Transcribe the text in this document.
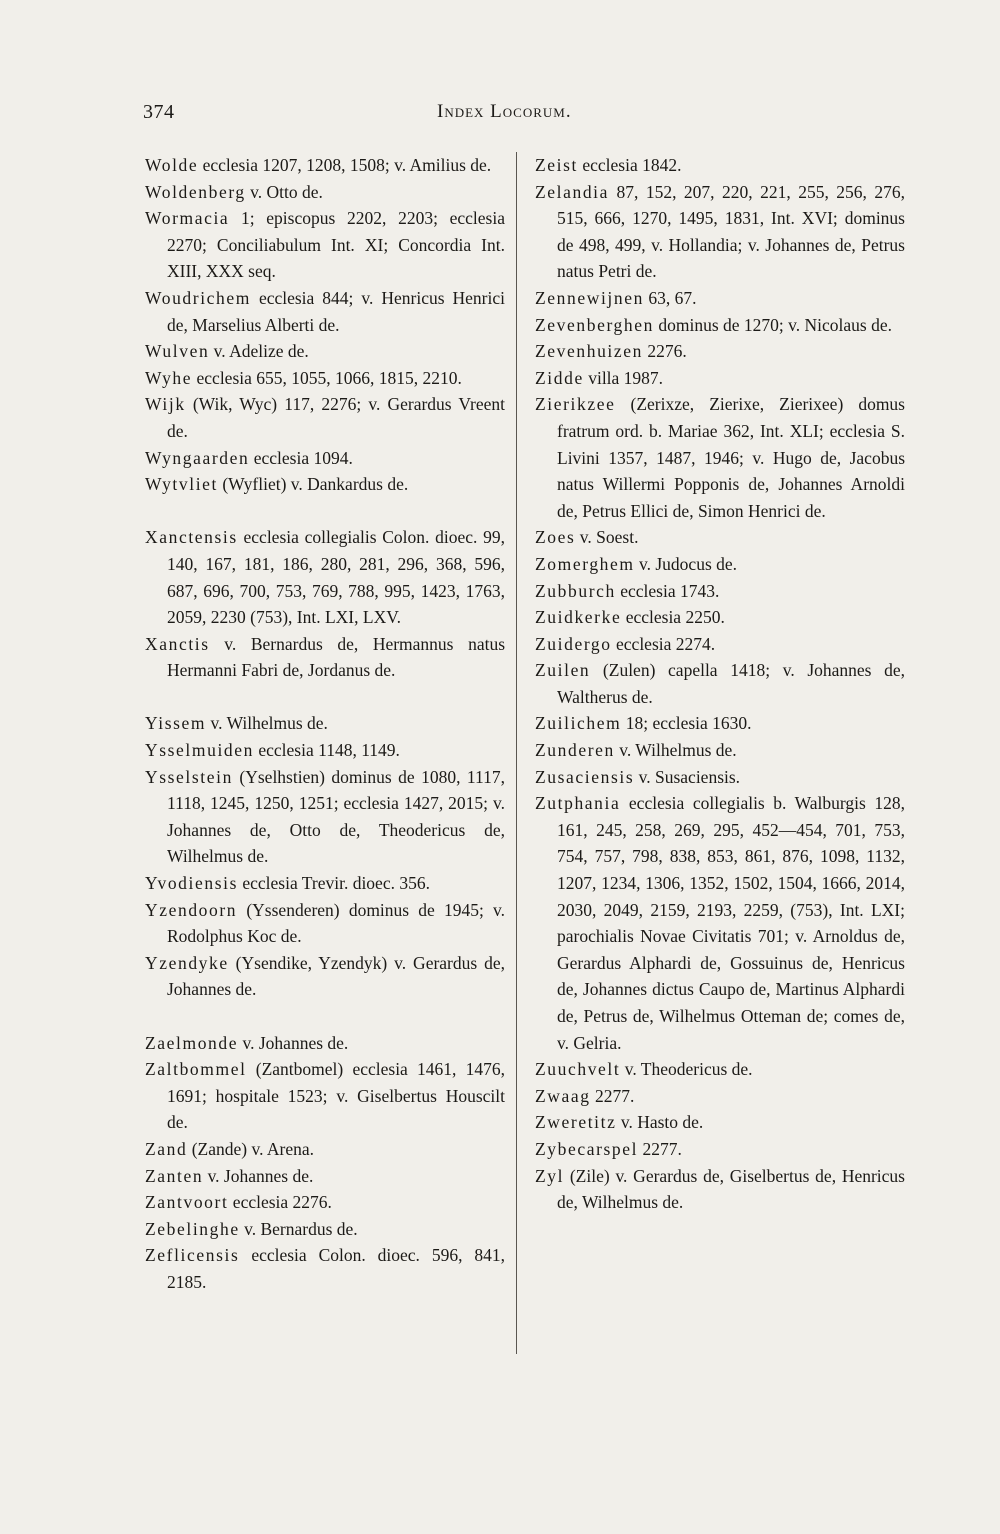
374	Index Locorum.

Wolde ecclesia 1207, 1208, 1508; v. Amilius de.

Woldenberg v. Otto de.

Wormacia 1; episcopus 2202, 2203; ecclesia 2270; Conciliabulum Int. XI; Concordia Int. XIII, XXX seq.

Woudrichem ecclesia 844; v. Henricus Henrici de, Marselius Alberti de.

Wulven v. Adelize de.

Wyhe ecclesia 655, 1055, 1066, 1815, 2210.

Wijk (Wik, Wyc) 117, 2276; v. Gerardus Vreent de.

Wyngaarden ecclesia 1094.

Wytvliet (Wyfliet) v. Dankardus de.

Xanctensis ecclesia collegialis Colon. dioec. 99, 140, 167, 181, 186, 280, 281, 296, 368, 596, 687, 696, 700, 753, 769, 788, 995, 1423, 1763, 2059, 2230 (753), Int. LXI, LXV.

Xanctis v. Bernardus de, Hermannus natus Hermanni Fabri de, Jordanus de.

Yissem v. Wilhelmus de.

Ysselmuiden ecclesia 1148, 1149.

Ysselstein (Yselhstien) dominus de 1080, 1117, 1118, 1245, 1250, 1251; ecclesia 1427, 2015; v. Johannes de, Otto de, Theodericus de, Wilhelmus de.

Yvodiensis ecclesia Trevir. dioec. 356.

Yzendoorn (Yssenderen) dominus de 1945; v. Rodolphus Koc de.

Yzendyke (Ysendike, Yzendyk) v. Gerardus de, Johannes de.

Zaelmonde v. Johannes de.

Zaltbommel (Zantbomel) ecclesia 1461, 1476, 1691; hospitale 1523; v. Giselbertus Houscilt de.

Zand (Zande) v. Arena.

Zanten v. Johannes de.

Zantvoort ecclesia 2276.

Zebelinghe v. Bernardus de.

Zeflicensis ecclesia Colon. dioec. 596, 841, 2185.

Zeist ecclesia 1842.

Zelandia 87, 152, 207, 220, 221, 255, 256, 276, 515, 666, 1270, 1495, 1831, Int. XVI; dominus de 498, 499, v. Hollandia; v. Johannes de, Petrus natus Petri de.

Zennewijnen 63, 67.

Zevenberghen dominus de 1270; v. Nicolaus de.

Zevenhuizen 2276.

Zidde villa 1987.

Zierikzee (Zerixze, Zierixe, Zierixee) domus fratrum ord. b. Mariae 362, Int. XLI; ecclesia S. Livini 1357, 1487, 1946; v. Hugo de, Jacobus natus Willermi Popponis de, Johannes Arnoldi de, Petrus Ellici de, Simon Henrici de.

Zoes v. Soest.

Zomerghem v. Judocus de.

Zubburch ecclesia 1743.

Zuidkerke ecclesia 2250.

Zuidergo ecclesia 2274.

Zuilen (Zulen) capella 1418; v. Johannes de, Waltherus de.

Zuilichem 18; ecclesia 1630.

Zunderen v. Wilhelmus de.

Zusaciensis v. Susaciensis.

Zutphania ecclesia collegialis b. Walburgis 128, 161, 245, 258, 269, 295, 452—454, 701, 753, 754, 757, 798, 838, 853, 861, 876, 1098, 1132, 1207, 1234, 1306, 1352, 1502, 1504, 1666, 2014, 2030, 2049, 2159, 2193, 2259, (753), Int. LXI; parochialis Novae Civitatis 701; v. Arnoldus de, Gerardus Alphardi de, Gossuinus de, Henricus de, Johannes dictus Caupo de, Martinus Alphardi de, Petrus de, Wilhelmus Otteman de; comes de, v. Gelria.

Zuuchvelt v. Theodericus de.

Zwaag 2277.

Zweretitz v. Hasto de.

Zybecarspel 2277.

Zyl (Zile) v. Gerardus de, Giselbertus de, Henricus de, Wilhelmus de.
